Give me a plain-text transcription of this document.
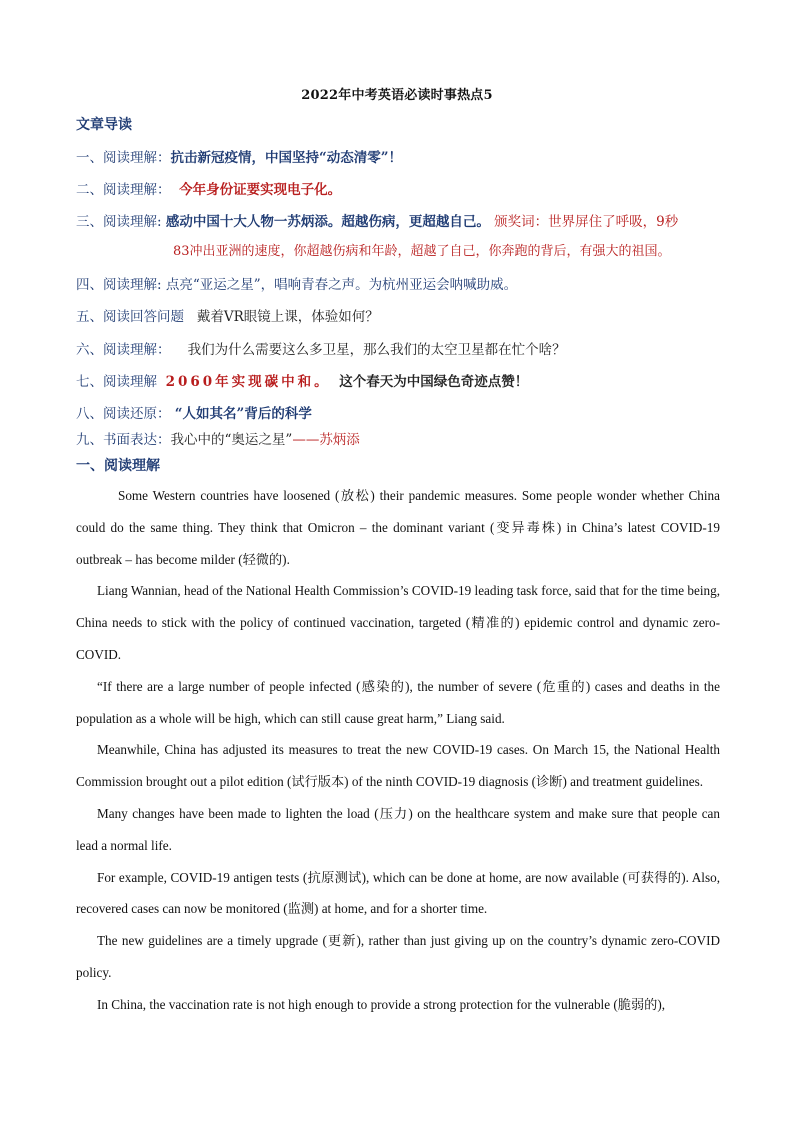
2022年中考英语必读时事热点5
文章导读
一、阅读理解：抗击新冠疫情，中国坚持“动态清零”！
二、阅读理解： 今年身份证要实现电子化。
三、阅读理解: 感动中国十大人物一苏炳添。超越伤病，更超越自己。 颁奖词：世界屏住了呼吸，9秒
83冲出亚洲的速度，你超越伤病和年龄，超越了自己，你奔跑的背后，有强大的祖国。
四、阅读理解: 点亮“亚运之星”，唱响青春之声。为杭州亚运会呐喊助威。
五、阅读回答问题 戴着VR眼镜上课，体验如何？
六、阅读理解： 我们为什么需要这么多卫星，那么我们的太空卫星都在忙个啥？
七、阅读理解 2060年实现碳中和。 这个春天为中国绿色奇迹点赞！
八、阅读还原： “人如其名”背后的科学
九、书面表达：我心中的“奥运之星”——苏炳添
一、阅读理解

Some Western countries have loosened (放松) their pandemic measures. Some people wonder whether China could do the same thing. They think that Omicron – the dominant variant (变异毒株) in China’s latest COVID-19 outbreak – has become milder (轻微的).

Liang Wannian, head of the National Health Commission’s COVID-19 leading task force, said that for the time being, China needs to stick with the policy of continued vaccination, targeted (精准的) epidemic control and dynamic zero-COVID.

“If there are a large number of people infected (感染的), the number of severe (危重的) cases and deaths in the population as a whole will be high, which can still cause great harm,” Liang said.

Meanwhile, China has adjusted its measures to treat the new COVID-19 cases. On March 15, the National Health Commission brought out a pilot edition (试行版本) of the ninth COVID-19 diagnosis (诊断) and treatment guidelines.

Many changes have been made to lighten the load (压力) on the healthcare system and make sure that people can lead a normal life.

For example, COVID-19 antigen tests (抗原测试), which can be done at home, are now available (可获得的). Also, recovered cases can now be monitored (监测) at home, and for a shorter time.

The new guidelines are a timely upgrade (更新), rather than just giving up on the country’s dynamic zero-COVID policy.

In China, the vaccination rate is not high enough to provide a strong protection for the vulnerable (脆弱的),
